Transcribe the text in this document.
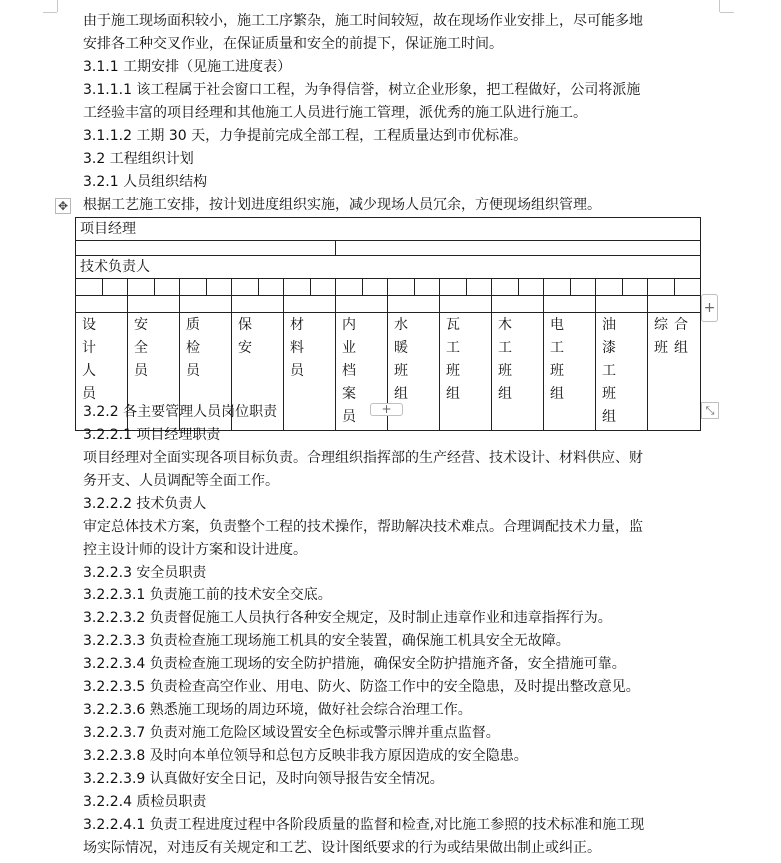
由于施工现场面积较小，施工工序繁杂，施工时间较短，故在现场作业安排上，尽可能多地
安排各工种交叉作业，在保证质量和安全的前提下，保证施工时间。
3.1.1 工期安排（见施工进度表）
3.1.1.1 该工程属于社会窗口工程，为争得信誉，树立企业形象，把工程做好，公司将派施
工经验丰富的项目经理和其他施工人员进行施工管理，派优秀的施工队进行施工。
3.1.1.2 工期 30 天，力争提前完成全部工程，工程质量达到市优标准。
3.2 工程组织计划
3.2.1 人员组织结构
✥ 根据工艺施工安排，按计划进度组织实施，减少现场人员冗余，方便现场组织管理。
项目经理											

技术负责人											

设计人员	安全员	质检员	保安	材料员	内业档案员	水暖班组	瓦工班组	木工班组	电工班组	油漆工班组	综合班组
+
+	⤡
3.2.2 各主要管理人员岗位职责
3.2.2.1 项目经理职责
项目经理对全面实现各项目标负责。合理组织指挥部的生产经营、技术设计、材料供应、财
务开支、人员调配等全面工作。
3.2.2.2 技术负责人
审定总体技术方案，负责整个工程的技术操作，帮助解决技术难点。合理调配技术力量，监
控主设计师的设计方案和设计进度。
3.2.2.3 安全员职责
3.2.2.3.1 负责施工前的技术安全交底。
3.2.2.3.2 负责督促施工人员执行各种安全规定，及时制止违章作业和违章指挥行为。
3.2.2.3.3 负责检查施工现场施工机具的安全装置，确保施工机具安全无故障。
3.2.2.3.4 负责检查施工现场的安全防护措施，确保安全防护措施齐备，安全措施可靠。
3.2.2.3.5 负责检查高空作业、用电、防火、防盗工作中的安全隐患，及时提出整改意见。
3.2.2.3.6 熟悉施工现场的周边环境，做好社会综合治理工作。
3.2.2.3.7 负责对施工危险区域设置安全色标或警示牌并重点监督。
3.2.2.3.8 及时向本单位领导和总包方反映非我方原因造成的安全隐患。
3.2.2.3.9 认真做好安全日记，及时向领导报告安全情况。
3.2.2.4 质检员职责
3.2.2.4.1 负责工程进度过程中各阶段质量的监督和检查,对比施工参照的技术标准和施工现
场实际情况，对违反有关规定和工艺、设计图纸要求的行为或结果做出制止或纠正。
